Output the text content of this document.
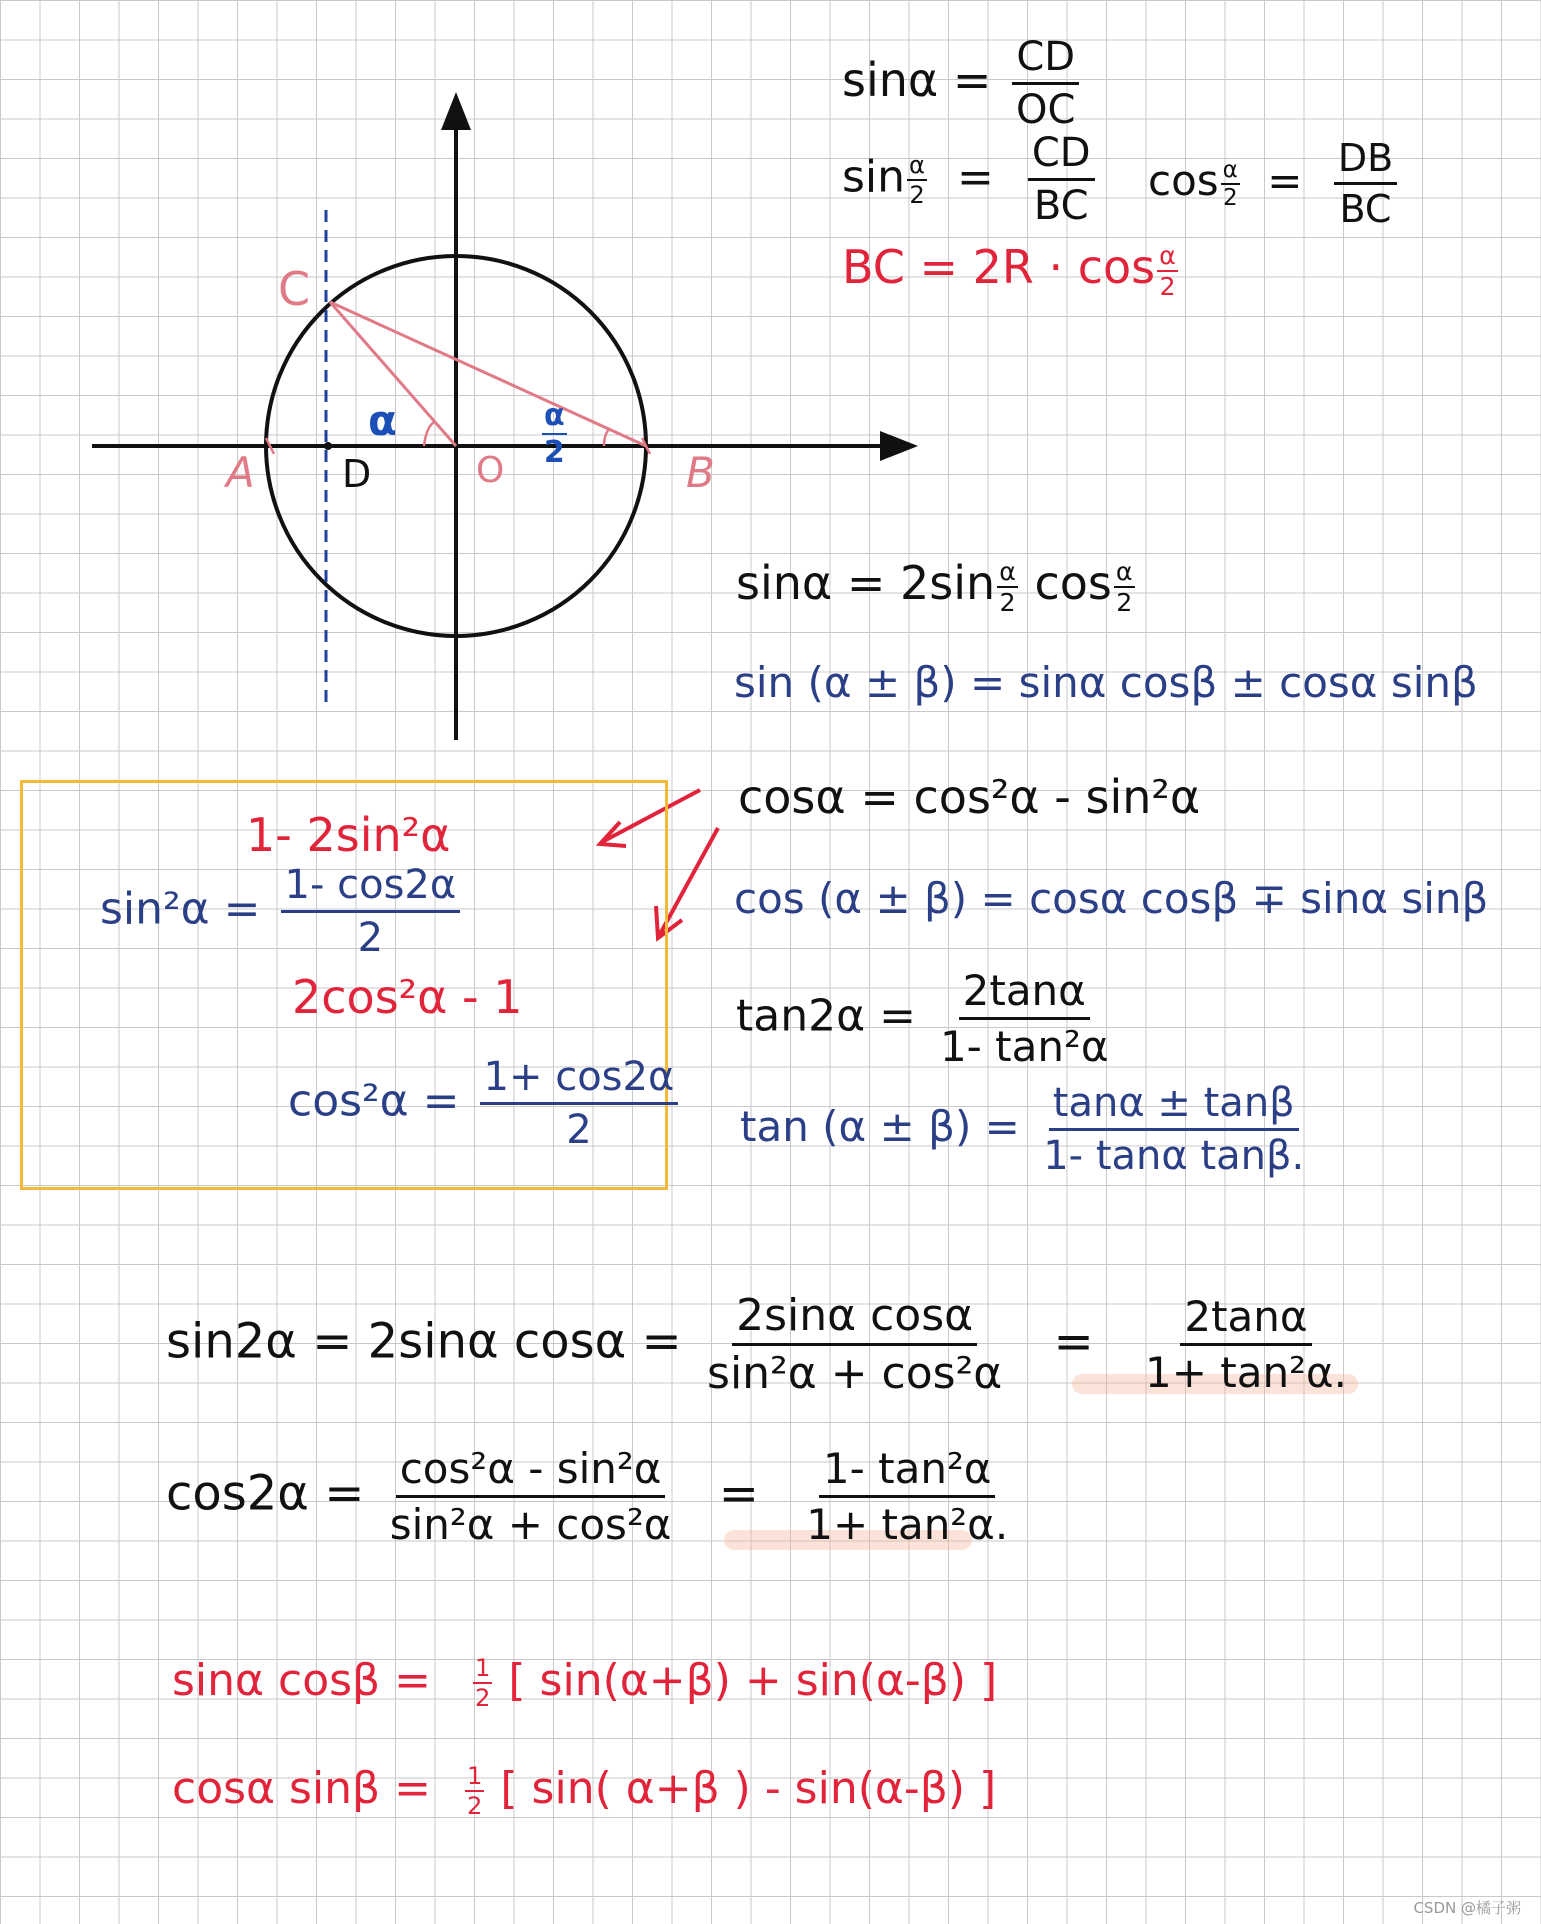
C
A	B
O
D
α	$\frac{\alpha}{2}$
$\sin\alpha = \frac{CD}{OC}$
$\sin \frac{\alpha}{2} = \frac{CD}{BC}$ $\cos \frac{\alpha}{2} = \frac{DB}{BC}$
BC = $2R \cdot \cos \frac{\alpha}{2}$
$\sin\alpha = 2\sin \frac{\alpha}{2}$ $\cos \frac{\alpha}{2}$
sin (α ± β) = sinα cosβ ± cosα sinβ
cosα = cos²α - sin²α
cos (α ± β) = cosα cosβ ∓ sinα sinβ
$\tan 2\alpha = \frac{2\tan\alpha}{\text{1- tan²α}}$
$\tan (\alpha \pm \beta) = \frac{\tan\alpha \pm \tan\beta}{\text{1- tanα tanβ.}}$
1- 2sin²α
$\sin^2\alpha = \frac{1- \cos 2\alpha}{2}$
2cos²α - 1
$\cos^2\alpha = \frac{1+ \cos 2\alpha}{2}$
sin2α = 2sinα $\cos\alpha = \frac{\text{2sinα cosα}}{\text{sin²α + cos²α}} = \frac{2\tan\alpha}{\text{1+ tan²α.}}$
$\cos 2\alpha = \frac{\text{cos²α - sin²α}}{\text{sin²α + cos²α}} = \frac{\text{1- tan²α}}{\text{1+ tan²α.}}$
sinα $\cos\beta = \frac{1}{2}$ [ sin(α+β) + sin(α-β) ]
cosα $\sin\beta = \frac{1}{2}$ [ sin( α+β ) - sin(α-β) ]
CSDN @橘子粥
